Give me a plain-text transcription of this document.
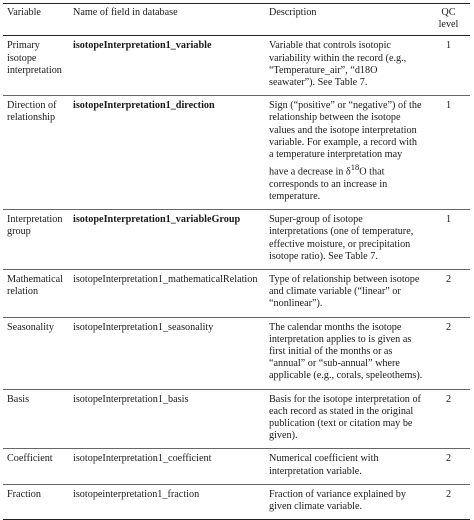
Variable	Name of field in database	Description	QC level
Primary isotope interpretation	isotopeInterpretation1_variable	Variable that controls isotopic variability within the record (e.g., “Temperature_air”, “d18O seawater”). See Table 7.	1
Direction of relationship	isotopeInterpretation1_direction	Sign (“positive” or “negative”) of the relationship between the isotope values and the isotope interpretation variable. For example, a record with a temperature interpretation may have a decrease in $\delta^{18}O$ that corresponds to an increase in temperature.	1
Interpretation group	isotopeInterpretation1_variableGroup	Super-group of isotope interpretations (one of temperature, effective moisture, or precipitation isotope ratio). See Table 7.	1
Mathematical relation	isotopeInterpretation1_mathematicalRelation	Type of relationship between isotope and climate variable (“linear” or “nonlinear”).	2
Seasonality	isotopeInterpretation1_seasonality	The calendar months the isotope interpretation applies to is given as first initial of the months or as “annual” or “sub-annual” where applicable (e.g., corals, speleothems).	2
Basis	isotopeInterpretation1_basis	Basis for the isotope interpretation of each record as stated in the original publication (text or citation may be given).	2
Coefficient	isotopeInterpretation1_coefficient	Numerical coefficient with interpretation variable.	2
Fraction	isotopeinterpretation1_fraction	Fraction of variance explained by given climate variable.	2
